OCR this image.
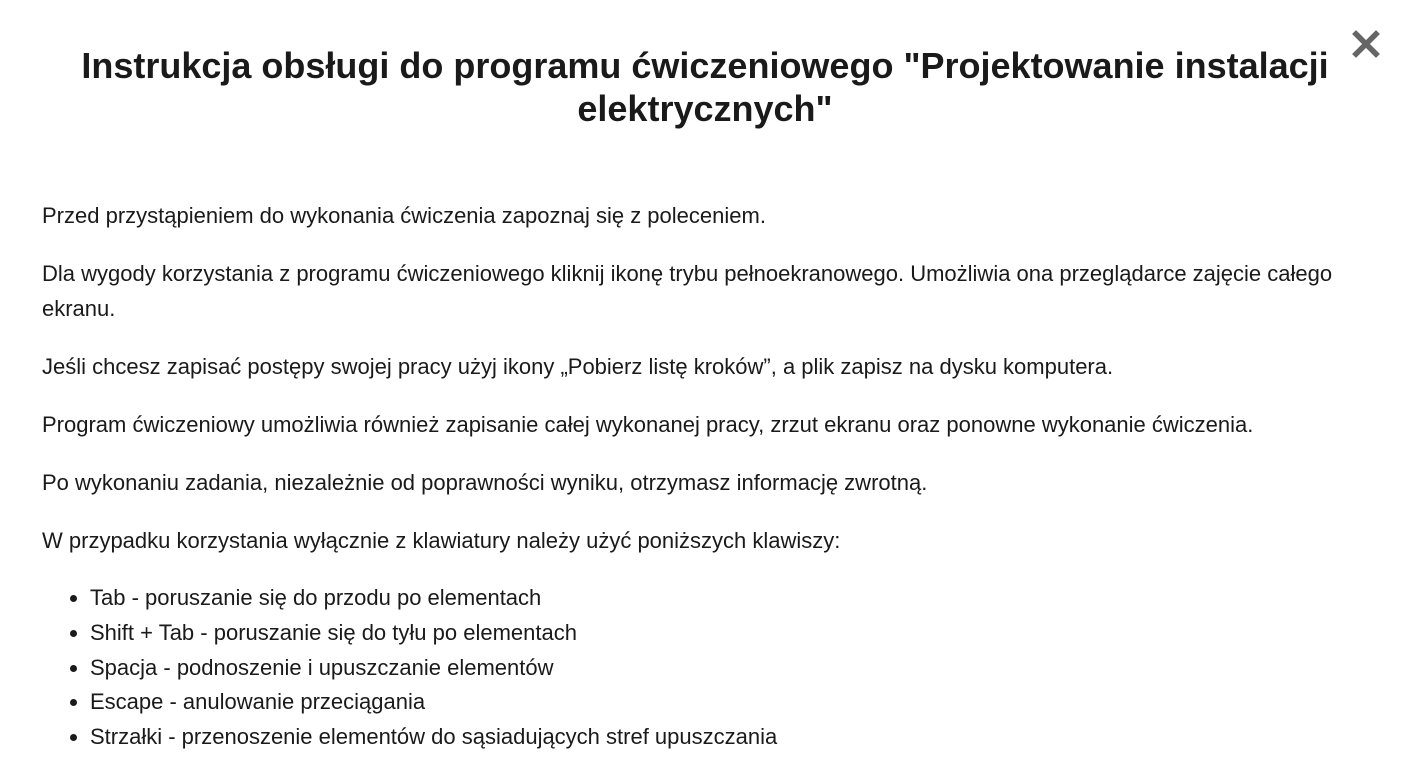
Instrukcja obsługi do programu ćwiczeniowego "Projektowanie instalacji elektrycznych"

Przed przystąpieniem do wykonania ćwiczenia zapoznaj się z poleceniem.

Dla wygody korzystania z programu ćwiczeniowego kliknij ikonę trybu pełnoekranowego. Umożliwia ona przeglądarce zajęcie całego ekranu.

Jeśli chcesz zapisać postępy swojej pracy użyj ikony „Pobierz listę kroków”, a plik zapisz na dysku komputera.

Program ćwiczeniowy umożliwia również zapisanie całej wykonanej pracy, zrzut ekranu oraz ponowne wykonanie ćwiczenia.

Po wykonaniu zadania, niezależnie od poprawności wyniku, otrzymasz informację zwrotną.

W przypadku korzystania wyłącznie z klawiatury należy użyć poniższych klawiszy:

• Tab - poruszanie się do przodu po elementach
• Shift + Tab - poruszanie się do tyłu po elementach
• Spacja - podnoszenie i upuszczanie elementów
• Escape - anulowanie przeciągania
• Strzałki - przenoszenie elementów do sąsiadujących stref upuszczania
